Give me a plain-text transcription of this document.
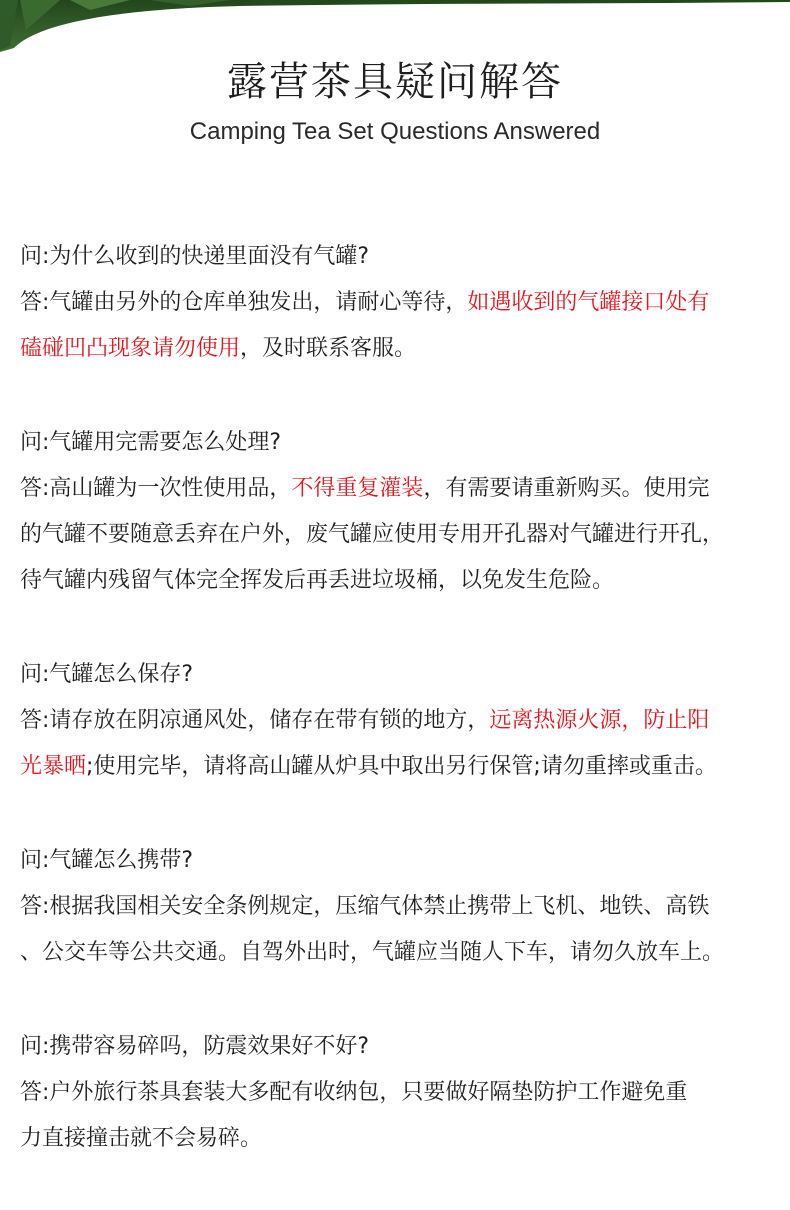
露营茶具疑问解答
Camping Tea Set Questions Answered
问:为什么收到的快递里面没有气罐?
答:气罐由另外的仓库单独发出，请耐心等待，如遇收到的气罐接口处有
磕碰凹凸现象请勿使用，及时联系客服。
问:气罐用完需要怎么处理?
答:高山罐为一次性使用品，不得重复灌装，有需要请重新购买。使用完
的气罐不要随意丢弃在户外，废气罐应使用专用开孔器对气罐进行开孔，
待气罐内残留气体完全挥发后再丢进垃圾桶，以免发生危险。
问:气罐怎么保存?
答:请存放在阴凉通风处，储存在带有锁的地方，远离热源火源，防止阳
光暴晒;使用完毕，请将高山罐从炉具中取出另行保管;请勿重摔或重击。
问:气罐怎么携带?
答:根据我国相关安全条例规定，压缩气体禁止携带上飞机、地铁、高铁
、公交车等公共交通。自驾外出时，气罐应当随人下车，请勿久放车上。
问:携带容易碎吗，防震效果好不好?
答:户外旅行茶具套装大多配有收纳包，只要做好隔垫防护工作避免重
力直接撞击就不会易碎。
